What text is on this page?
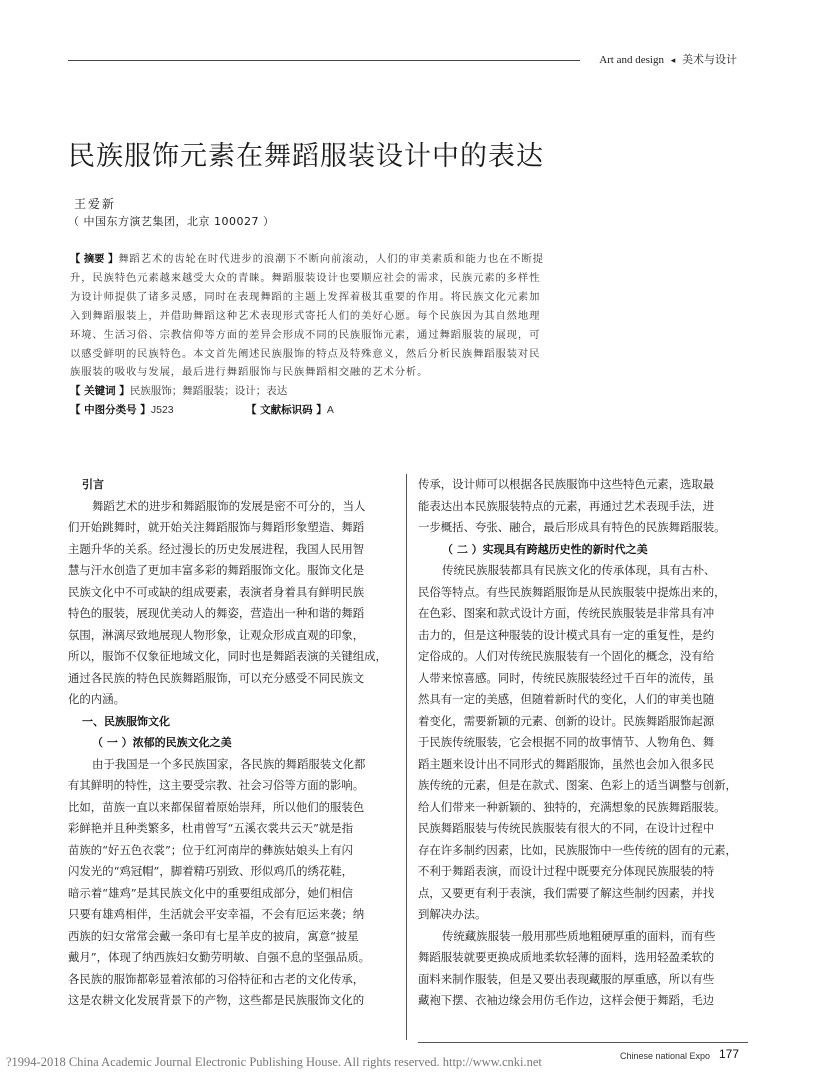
Art and design ◂ 美术与设计
民族服饰元素在舞蹈服装设计中的表达
王爱新
（ 中国东方演艺集团，北京 100027 ）
【 摘要 】舞蹈艺术的齿轮在时代进步的浪潮下不断向前滚动，人们的审美素质和能力也在不断提
升，民族特色元素越来越受大众的青睐。舞蹈服装设计也要顺应社会的需求，民族元素的多样性
为设计师提供了诸多灵感，同时在表现舞蹈的主题上发挥着极其重要的作用。将民族文化元素加
入到舞蹈服装上，并借助舞蹈这种艺术表现形式寄托人们的美好心愿。每个民族因为其自然地理
环境、生活习俗、宗教信仰等方面的差异会形成不同的民族服饰元素，通过舞蹈服装的展现，可
以感受鲜明的民族特色。本文首先阐述民族服饰的特点及特殊意义，然后分析民族舞蹈服装对民
族服装的吸收与发展，最后进行舞蹈服饰与民族舞蹈相交融的艺术分析。
【 关键词 】民族服饰；舞蹈服装；设计；表达
【 中图分类号 】J523	【 文献标识码 】A
引言
舞蹈艺术的进步和舞蹈服饰的发展是密不可分的，当人
们开始跳舞时，就开始关注舞蹈服饰与舞蹈形象塑造、舞蹈
主题升华的关系。经过漫长的历史发展进程，我国人民用智
慧与汗水创造了更加丰富多彩的舞蹈服饰文化。服饰文化是
民族文化中不可或缺的组成要素，表演者身着具有鲜明民族
特色的服装，展现优美动人的舞姿，营造出一种和谐的舞蹈
氛围，淋漓尽致地展现人物形象，让观众形成直观的印象，
所以，服饰不仅象征地域文化，同时也是舞蹈表演的关键组成，
通过各民族的特色民族舞蹈服饰，可以充分感受不同民族文
化的内涵。
一、民族服饰文化
（ 一 ）浓郁的民族文化之美
由于我国是一个多民族国家，各民族的舞蹈服装文化都
有其鲜明的特性，这主要受宗教、社会习俗等方面的影响。
比如，苗族一直以来都保留着原始崇拜，所以他们的服装色
彩鲜艳并且种类繁多，杜甫曾写“五溪衣裳共云天”就是指
苗族的“好五色衣裳”；位于红河南岸的彝族姑娘头上有闪
闪发光的“鸡冠帽”，脚着精巧别致、形似鸡爪的绣花鞋，
暗示着“雄鸡”是其民族文化中的重要组成部分，她们相信
只要有雄鸡相伴，生活就会平安幸福，不会有厄运来袭；纳
西族的妇女常常会戴一条印有七星羊皮的披肩，寓意“披星
戴月”，体现了纳西族妇女勤劳明敏、自强不息的坚强品质。
各民族的服饰都彰显着浓郁的习俗特征和古老的文化传承，
这是农耕文化发展背景下的产物，这些都是民族服饰文化的
传承，设计师可以根据各民族服饰中这些特色元素，选取最
能表达出本民族服装特点的元素，再通过艺术表现手法，进
一步概括、夸张、融合，最后形成具有特色的民族舞蹈服装。
（ 二 ）实现具有跨越历史性的新时代之美
传统民族服装都具有民族文化的传承体现，具有古朴、
民俗等特点。有些民族舞蹈服饰是从民族服装中提炼出来的，
在色彩、图案和款式设计方面，传统民族服装是非常具有冲
击力的，但是这种服装的设计模式具有一定的重复性，是约
定俗成的。人们对传统民族服装有一个固化的概念，没有给
人带来惊喜感。同时，传统民族服装经过千百年的流传，虽
然具有一定的美感，但随着新时代的变化，人们的审美也随
着变化，需要新颖的元素、创新的设计。民族舞蹈服饰起源
于民族传统服装，它会根据不同的故事情节、人物角色、舞
蹈主题来设计出不同形式的舞蹈服饰，虽然也会加入很多民
族传统的元素，但是在款式、图案、色彩上的适当调整与创新，
给人们带来一种新颖的、独特的，充满想象的民族舞蹈服装。
民族舞蹈服装与传统民族服装有很大的不同，在设计过程中
存在许多制约因素，比如，民族服饰中一些传统的固有的元素，
不利于舞蹈表演，而设计过程中既要充分体现民族服装的特
点，又要更有利于表演，我们需要了解这些制约因素，并找
到解决办法。
传统藏族服装一般用那些质地粗硬厚重的面料，而有些
舞蹈服装就要更换成质地柔软轻薄的面料，选用轻盈柔软的
面料来制作服装，但是又要出表现藏服的厚重感，所以有些
藏袍下摆、衣袖边缘会用仿毛作边，这样会便于舞蹈，毛边
Chinese national Expo 177
?1994-2018 China Academic Journal Electronic Publishing House. All rights reserved. http://www.cnki.net
